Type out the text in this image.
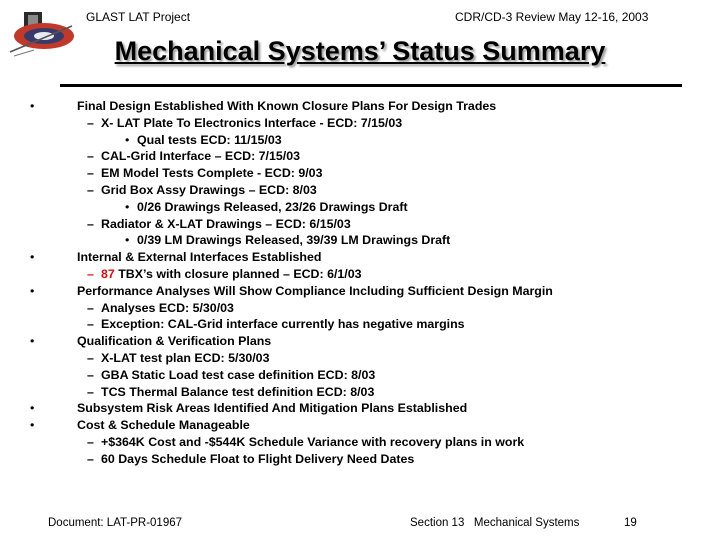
GLAST LAT Project	CDR/CD-3 Review May 12-16, 2003
Mechanical Systems’ Status Summary
•	Final Design Established With Known Closure Plans For Design Trades
– X- LAT Plate To Electronics Interface - ECD: 7/15/03
• Qual tests ECD: 11/15/03
– CAL-Grid Interface – ECD: 7/15/03
– EM Model Tests Complete - ECD: 9/03
– Grid Box Assy Drawings – ECD: 8/03
• 0/26 Drawings Released, 23/26 Drawings Draft
– Radiator & X-LAT Drawings – ECD: 6/15/03
• 0/39 LM Drawings Released, 39/39 LM Drawings Draft
•	Internal & External Interfaces Established
– 87 TBX’s with closure planned – ECD: 6/1/03
•	Performance Analyses Will Show Compliance Including Sufficient Design Margin
– Analyses ECD: 5/30/03
– Exception: CAL-Grid interface currently has negative margins
•	Qualification & Verification Plans
– X-LAT test plan ECD: 5/30/03
– GBA Static Load test case definition ECD: 8/03
– TCS Thermal Balance test definition ECD: 8/03
•	Subsystem Risk Areas Identified And Mitigation Plans Established
•	Cost & Schedule Manageable
– +$364K Cost and -$544K Schedule Variance with recovery plans in work
– 60 Days Schedule Float to Flight Delivery Need Dates
Document: LAT-PR-01967	Section 13   Mechanical Systems	19
